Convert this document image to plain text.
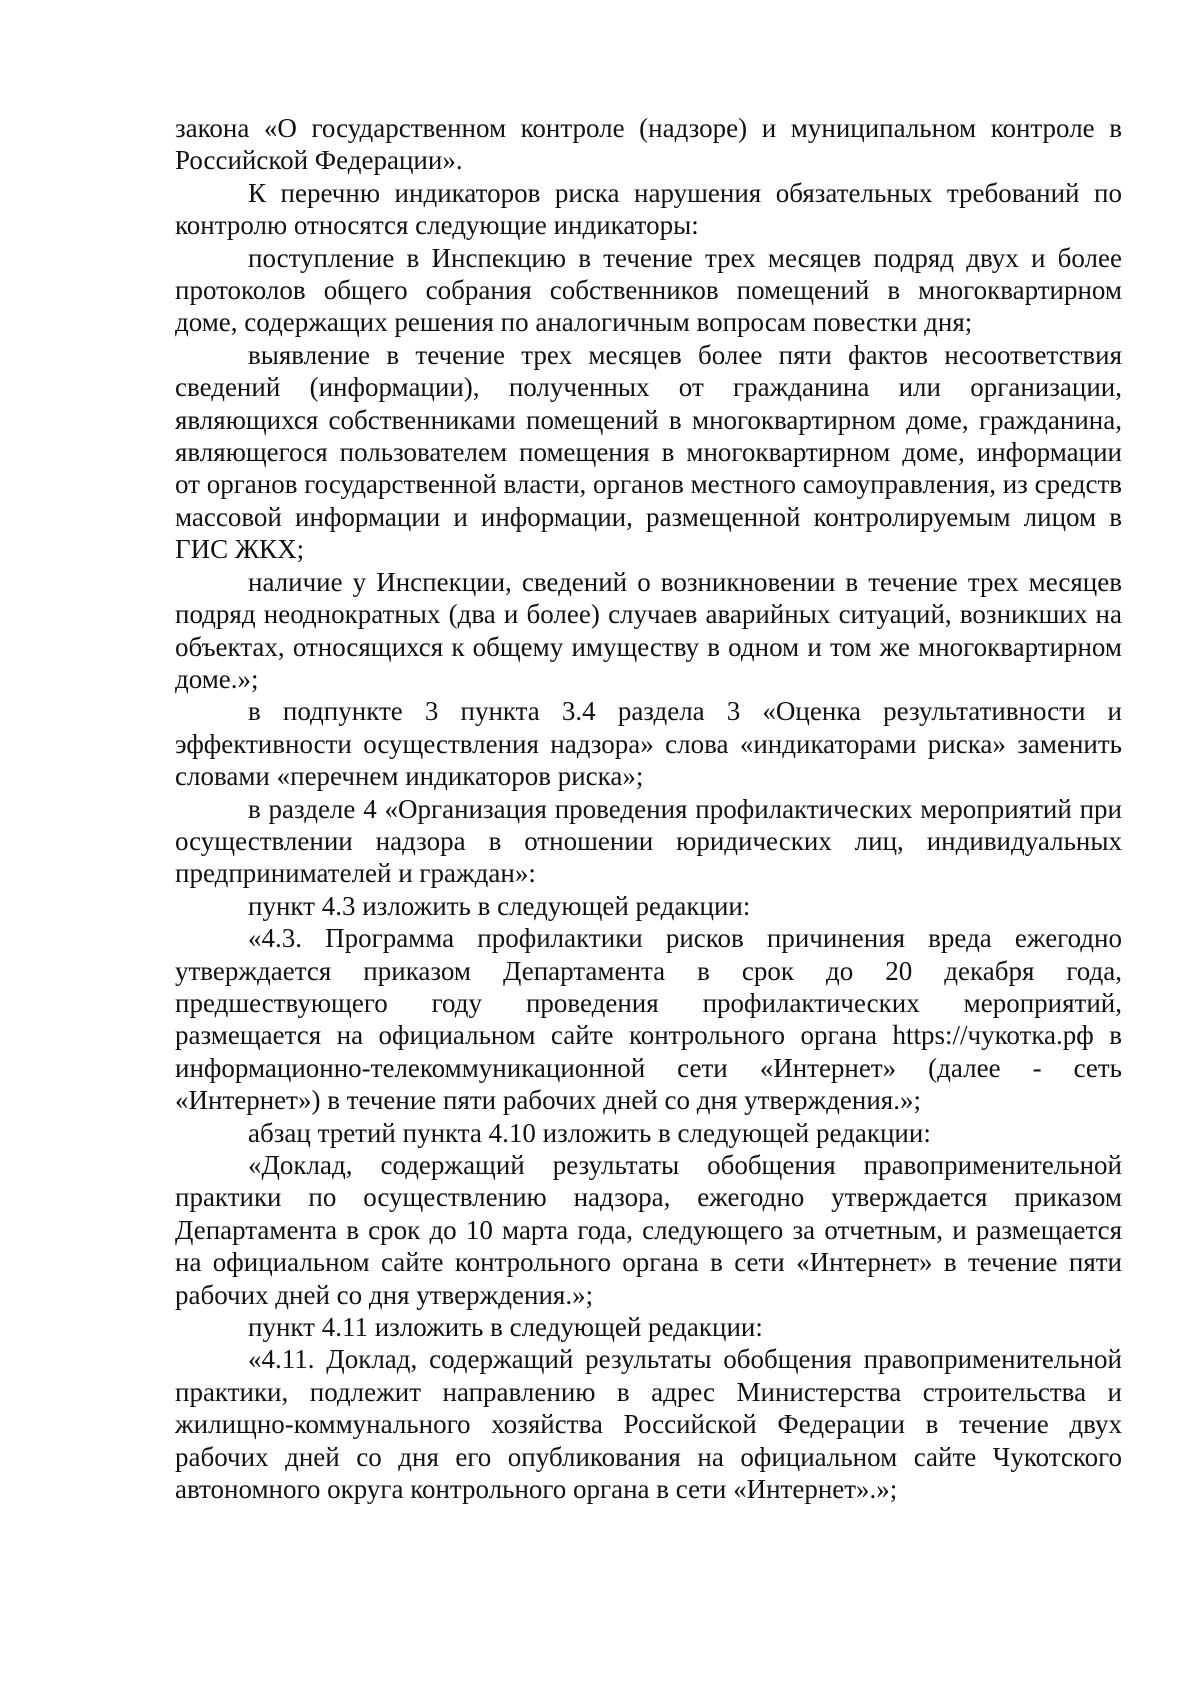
закона «О государственном контроле (надзоре) и муниципальном контроле в Российской Федерации».

К перечню индикаторов риска нарушения обязательных требований по контролю относятся следующие индикаторы:

поступление в Инспекцию в течение трех месяцев подряд двух и более протоколов общего собрания собственников помещений в многоквартирном доме, содержащих решения по аналогичным вопросам повестки дня;

выявление в течение трех месяцев более пяти фактов несоответствия сведений (информации), полученных от гражданина или организации, являющихся собственниками помещений в многоквартирном доме, гражданина, являющегося пользователем помещения в многоквартирном доме, информации от органов государственной власти, органов местного самоуправления, из средств массовой информации и информации, размещенной контролируемым лицом в ГИС ЖКХ;

наличие у Инспекции, сведений о возникновении в течение трех месяцев подряд неоднократных (два и более) случаев аварийных ситуаций, возникших на объектах, относящихся к общему имуществу в одном и том же многоквартирном доме.»;

в подпункте 3 пункта 3.4 раздела 3 «Оценка результативности и эффективности осуществления надзора» слова «индикаторами риска» заменить словами «перечнем индикаторов риска»;

в разделе 4 «Организация проведения профилактических мероприятий при осуществлении надзора в отношении юридических лиц, индивидуальных предпринимателей и граждан»:

пункт 4.3 изложить в следующей редакции:

«4.3. Программа профилактики рисков причинения вреда ежегодно утверждается приказом Департамента в срок до 20 декабря года, предшествующего году проведения профилактических мероприятий, размещается на официальном сайте контрольного органа https://чукотка.рф в информационно-телекоммуникационной сети «Интернет» (далее - сеть «Интернет») в течение пяти рабочих дней со дня утверждения.»;

абзац третий пункта 4.10 изложить в следующей редакции:

«Доклад, содержащий результаты обобщения правоприменительной практики по осуществлению надзора, ежегодно утверждается приказом Департамента в срок до 10 марта года, следующего за отчетным, и размещается на официальном сайте контрольного органа в сети «Интернет» в течение пяти рабочих дней со дня утверждения.»;

пункт 4.11 изложить в следующей редакции:

«4.11. Доклад, содержащий результаты обобщения правоприменительной практики, подлежит направлению в адрес Министерства строительства и жилищно-коммунального хозяйства Российской Федерации в течение двух рабочих дней со дня его опубликования на официальном сайте Чукотского автономного округа контрольного органа в сети «Интернет».»;
